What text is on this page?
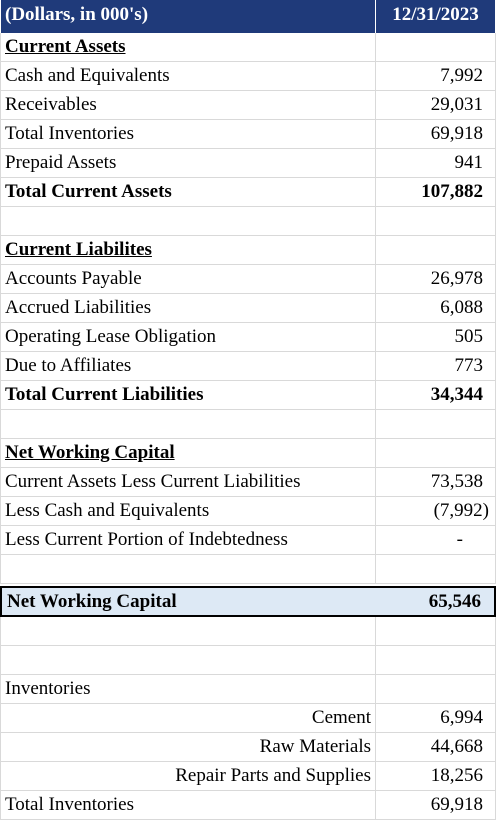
(Dollars, in 000's)	12/31/2023
Current Assets
Cash and Equivalents	7,992
Receivables	29,031
Total Inventories	69,918
Prepaid Assets	941
Total Current Assets	107,882
Current Liabilites
Accounts Payable	26,978
Accrued Liabilities	6,088
Operating Lease Obligation	505
Due to Affiliates	773
Total Current Liabilities	34,344
Net Working Capital
Current Assets Less Current Liabilities	73,538
Less Cash and Equivalents	(7,992)
Less Current Portion of Indebtedness	-
Net Working Capital	65,546
Inventories
Cement	6,994
Raw Materials	44,668
Repair Parts and Supplies	18,256
Total Inventories	69,918
